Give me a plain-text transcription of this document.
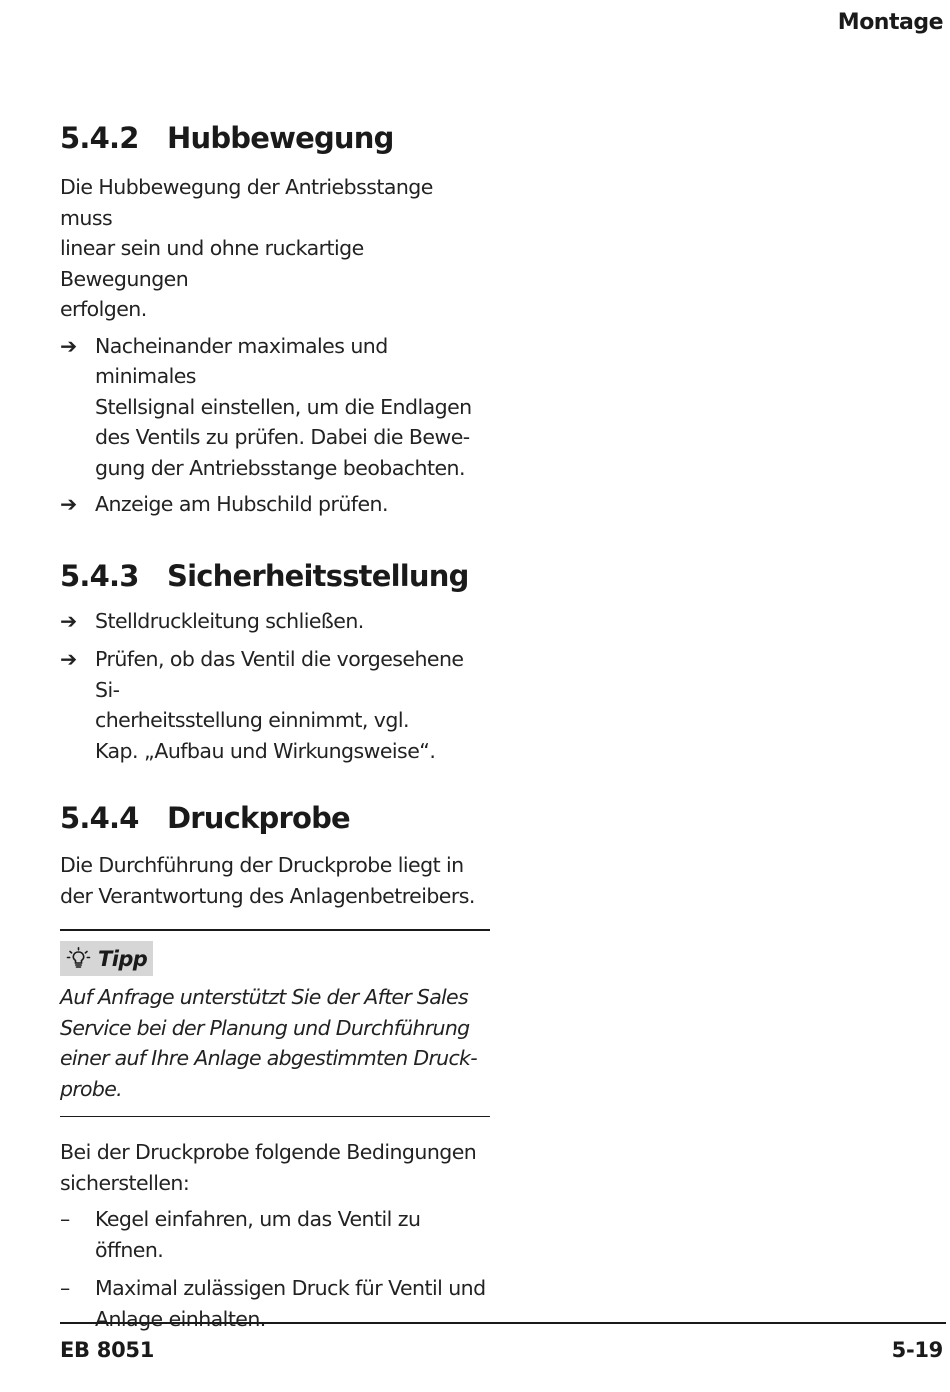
Montage
5.4.2 Hubbewegung

Die Hubbewegung der Antriebsstange muss
linear sein und ohne ruckartige Bewegungen
erfolgen.

➔ Nacheinander maximales und minimales
Stellsignal einstellen, um die Endlagen
des Ventils zu prüfen. Dabei die Bewe-
gung der Antriebsstange beobachten.
➔ Anzeige am Hubschild prüfen.
5.4.3 Sicherheitsstellung
➔ Stelldruckleitung schließen.
➔ Prüfen, ob das Ventil die vorgesehene Si-
cherheitsstellung einnimmt, vgl.
Kap. „Aufbau und Wirkungsweise“.
5.4.4 Druckprobe

Die Durchführung der Druckprobe liegt in
der Verantwortung des Anlagenbetreibers.

Tipp

Auf Anfrage unterstützt Sie der After Sales
Service bei der Planung und Durchführung
einer auf Ihre Anlage abgestimmten Druck-
probe.

Bei der Druckprobe folgende Bedingungen
sicherstellen:

–	Kegel einfahren, um das Ventil zu öffnen.
–	Maximal zulässigen Druck für Ventil und
Anlage einhalten.
EB 8051	5-19
